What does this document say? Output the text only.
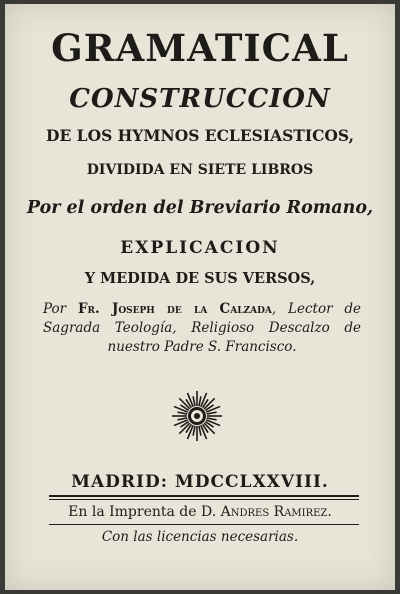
GRAMATICAL
CONSTRUCCION
DE LOS HYMNOS ECLESIASTICOS,
DIVIDIDA EN SIETE LIBROS
Por el orden del Breviario Romano,
EXPLICACION
Y MEDIDA DE SUS VERSOS,
Por Fr. Joseph de la Calzada, Lector de Sagrada Teología, Religioso Descalzo de nuestro Padre S. Francisco.
MADRID: MDCCLXXVIII.
En la Imprenta de D. Andres Ramirez.
Con las licencias necesarias.
